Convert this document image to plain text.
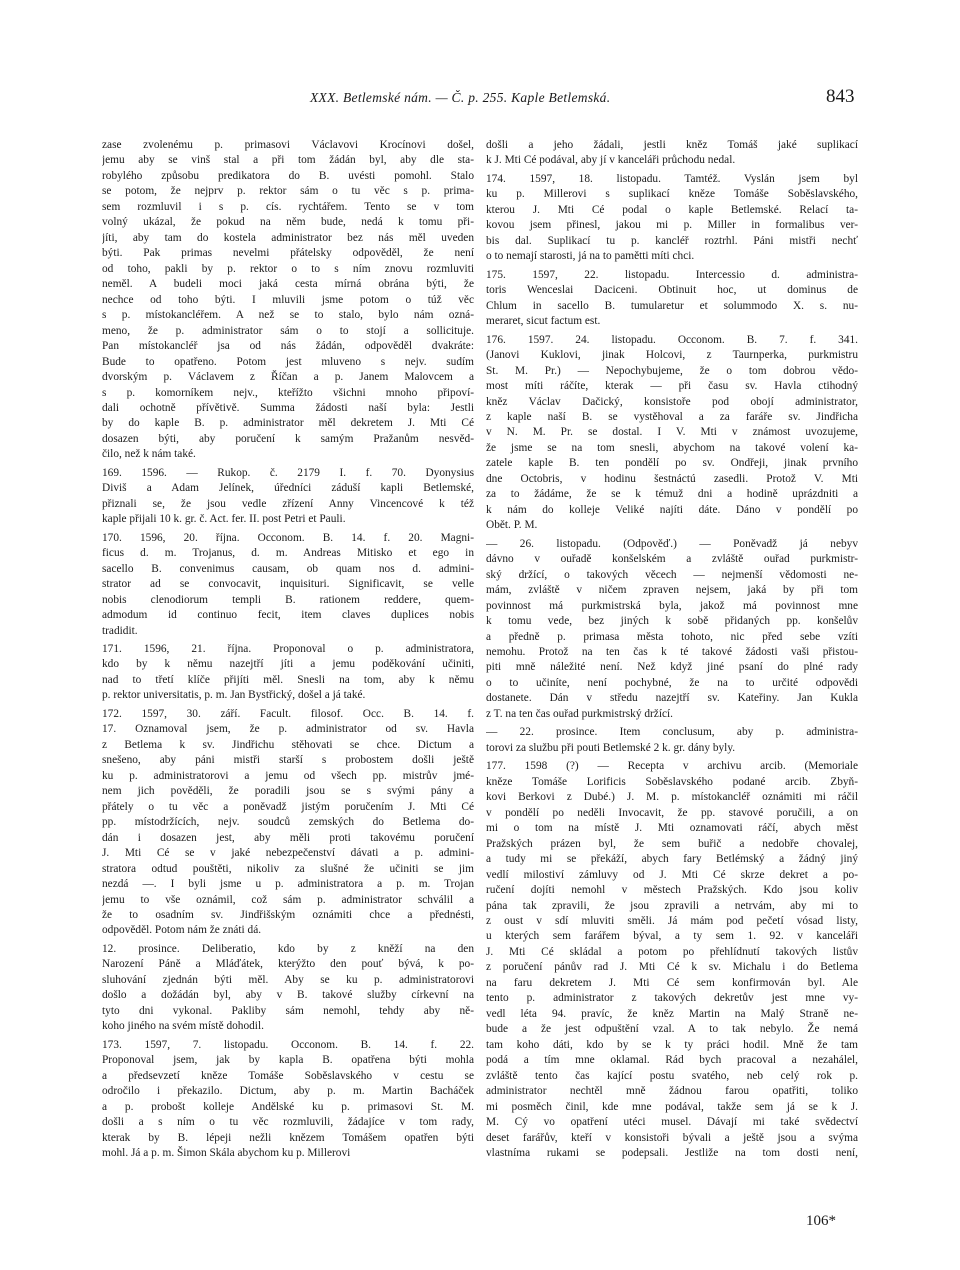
XXX. Betlemské nám. — Č. p. 255. Kaple Betlemská.	843
zase zvolenému p. primasovi Václavovi Krocínovi došel,
jemu aby se vinš stal a při tom žádán byl, aby dle sta-
robylého způsobu predikatora do B. uvésti pomohl. Stalo
se potom, že nejprv p. rektor sám o tu věc s p. prima-
sem rozmluvil i s p. cís. rychtářem. Tento se v tom
volný ukázal, že pokud na něm bude, nedá k tomu při-
jíti, aby tam do kostela administrator bez nás měl uveden
býti. Pak primas nevelmi přátelsky odpověděl, že není
od toho, pakli by p. rektor o to s ním znovu rozmluviti
neměl. A budeli moci jaká cesta mírná obrána býti, že
nechce od toho býti. I mluvili jsme potom o túž věc
s p. místokancléřem. A než se to stalo, bylo nám ozná-
meno, že p. administrator sám o to stojí a sollicituje.
Pan místokancléř jsa od nás žádán, odpověděl dvakráte:
Bude to opatřeno. Potom jest mluveno s nejv. sudím
dvorským p. Václavem z Říčan a p. Janem Malovcem a
s p. komorníkem nejv., kteřížto všichni mnoho připoví-
dali ochotně přívětivě. Summa žádosti naší byla: Jestli
by do kaple B. p. administrator měl dekretem J. Mti Cé
dosazen býti, aby poručení k samým Pražanům nesvěd-
čilo, než k nám také.
169. 1596. — Rukop. č. 2179 I. f. 70. Dyonysius
Diviš a Adam Jelínek, úředníci záduší kapli Betlemské,
přiznali se, že jsou vedle zřízení Anny Vincencové k též
kaple přijali 10 k. gr. č. Act. fer. II. post Petri et Pauli.
170. 1596, 20. října. Occonom. B. 14. f. 20. Magni-
ficus d. m. Trojanus, d. m. Andreas Mitisko et ego in
sacello B. convenimus causam, ob quam nos d. admini-
strator ad se convocavit, inquisituri. Significavit, se velle
nobis clenodiorum templi B. rationem reddere, quem-
admodum id continuo fecit, item claves duplices nobis
tradidit.
171. 1596, 21. října. Proponoval o p. administratora,
kdo by k němu nazejtří jíti a jemu poděkování učiniti,
nad to třetí klíče přijíti měl. Snesli na tom, aby k němu
p. rektor universitatis, p. m. Jan Bystřický, došel a já také.
172. 1597, 30. září. Facult. filosof. Occ. B. 14. f.
17. Oznamoval jsem, že p. administrator od sv. Havla
z Betlema k sv. Jindřichu stěhovati se chce. Dictum a
snešeno, aby páni mistři starší s probostem došli ještě
ku p. administratorovi a jemu od všech pp. mistrův jmé-
nem jich pověděli, že poradili jsou se s svými pány a
přátely o tu věc a poněvadž jistým poručením J. Mti Cé
pp. místodržících, nejv. soudců zemských do Betlema do-
dán i dosazen jest, aby měli proti takovému poručení
J. Mti Cé se v jaké nebezpečenství dávati a p. admini-
stratora odtud pouštěti, nikoliv za slušné že učiniti se jim
nezdá —. I byli jsme u p. administratora a p. m. Trojan
jemu to vše oznámil, což sám p. administrator schválil a
že to osadním sv. Jindřišským oznámiti chce a přednésti,
odpověděl. Potom nám že znáti dá.
12. prosince. Deliberatio, kdo by z kněží na den
Narození Páně a Mláďátek, kterýžto den pouť bývá, k po-
sluhování zjednán býti měl. Aby se ku p. administratorovi
došlo a dožádán byl, aby v B. takové služby církevní na
tyto dni vykonal. Pakliby sám nemohl, tehdy aby ně-
koho jiného na svém místě dohodil.
173. 1597, 7. listopadu. Occonom. B. 14. f. 22.
Proponoval jsem, jak by kapla B. opatřena býti mohla
a předsevzetí kněze Tomáše Soběslavského v cestu se
odročilo i překazilo. Dictum, aby p. m. Martin Bacháček
a p. probošt kolleje Andělské ku p. primasovi St. M.
došli a s ním o tu věc rozmluvili, žádajíce v tom rady,
kterak by B. lépeji nežli knězem Tomášem opatřen býti
mohl. Já a p. m. Šimon Skála abychom ku p. Millerovi
došli a jeho žádali, jestli kněz Tomáš jaké suplikací
k J. Mti Cé podával, aby jí v kanceláři průchodu nedal.
174. 1597, 18. listopadu. Tamtéž. Vyslán jsem byl
ku p. Millerovi s suplikací kněze Tomáše Soběslavského,
kterou J. Mti Cé podal o kaple Betlemské. Relací ta-
kovou jsem přinesl, jakou mi p. Miller in formalibus ver-
bis dal. Suplikací tu p. kancléř roztrhl. Páni mistři nechť
o to nemají starosti, já na to pamětti míti chci.
175. 1597, 22. listopadu. Intercessio d. administra-
toris Wenceslai Daciceni. Obtinuit hoc, ut dominus de
Chlum in sacello B. tumularetur et solummodo X. s. nu-
meraret, sicut factum est.
176. 1597. 24. listopadu. Occonom. B. 7. f. 341.
(Janovi Kuklovi, jinak Holcovi, z Taurnperka, purkmistru
St. M. Pr.) — Nepochybujeme, že o tom dobrou vědo-
most míti ráčíte, kterak — při času sv. Havla ctihodný
kněz Václav Dačický, konsistoře pod obojí administrator,
z kaple naší B. se vystěhoval a za faráře sv. Jindřicha
v N. M. Pr. se dostal. I V. Mti v známost uvozujeme,
že jsme se na tom snesli, abychom na takové volení ka-
zatele kaple B. ten pondělí po sv. Ondřeji, jinak prvního
dne Octobris, v hodinu šestnáctú zasedli. Protož V. Mti
za to žádáme, že se k témuž dni a hodině uprázdniti a
k nám do kolleje Veliké najíti dáte. Dáno v pondělí po
Obět. P. M.
— 26. listopadu. (Odpověď.) — Poněvadž já nebyv
dávno v ouřadě konšelském a zvláště ouřad purkmistr-
ský držící, o takových věcech — nejmenší vědomosti ne-
mám, zvláště v ničem zpraven nejsem, jaká by při tom
povinnost má purkmistrská byla, jakož má povinnost mne
k tomu vede, bez jiných k sobě přidaných pp. konšelův
a předně p. primasa města tohoto, nic před sebe vzíti
nemohu. Protož na ten čas k té takové žádosti vaši přistou-
piti mně náležité není. Než když jiné psaní do plné rady
o to učiníte, není pochybné, že na to určité odpovědi
dostanete. Dán v středu nazejtří sv. Kateřiny. Jan Kukla
z T. na ten čas ouřad purkmistrský držící.
— 22. prosince. Item conclusum, aby p. administra-
torovi za službu při pouti Betlemské 2 k. gr. dány byly.
177. 1598 (?) — Recepta v archivu arcib. (Memoriale
kněze Tomáše Lorificis Soběslavského podané arcib. Zbyň-
kovi Berkovi z Dubé.) J. M. p. místokancléř oznámiti mi ráčil
v pondělí po neděli Invocavit, že pp. stavové poručili, a on
mi o tom na místě J. Mti oznamovati ráčí, abych měst
Pražských prázen byl, že sem buřič a nedobře chovalej,
a tudy mi se překáží, abych fary Betlémský a žádný jiný
vedlí milostiví zámluvy od J. Mti Cé skrze dekret a po-
ručení dojíti nemohl v městech Pražských. Kdo jsou koliv
pána tak zpravili, že jsou zpravili a netrvám, aby mi to
z oust v sdí mluviti směli. Já mám pod pečetí vósad listy,
u kterých sem farářem býval, a ty sem 1. 92. v kanceláři
J. Mti Cé skládal a potom po přehlídnutí takových listův
z poručení pánův rad J. Mti Cé k sv. Michalu i do Betlema
na faru dekretem J. Mti Cé sem konfirmován byl. Ale
tento p. administrator z takových dekretův jest mne vy-
vedl léta 94. pravíc, že kněz Martin na Malý Straně ne-
bude a že jest odpuštění vzal. A to tak nebylo. Že nemá
tam koho dáti, kdo by se k ty práci hodil. Mně že tam
podá a tím mne oklamal. Rád bych pracoval a nezahálel,
zvláště tento čas kající postu svatého, neb celý rok p.
administrator nechtěl mně žádnou farou opatřiti, toliko
mi posměch činil, kde mne podával, takže sem já se k J.
M. Cý vo opatření utéci musel. Dávají mi také svědectví
deset farářův, kteří v konsistoři bývali a ještě jsou a svýma
vlastníma rukami se podepsali. Jestliže na tom dosti není,
106*
